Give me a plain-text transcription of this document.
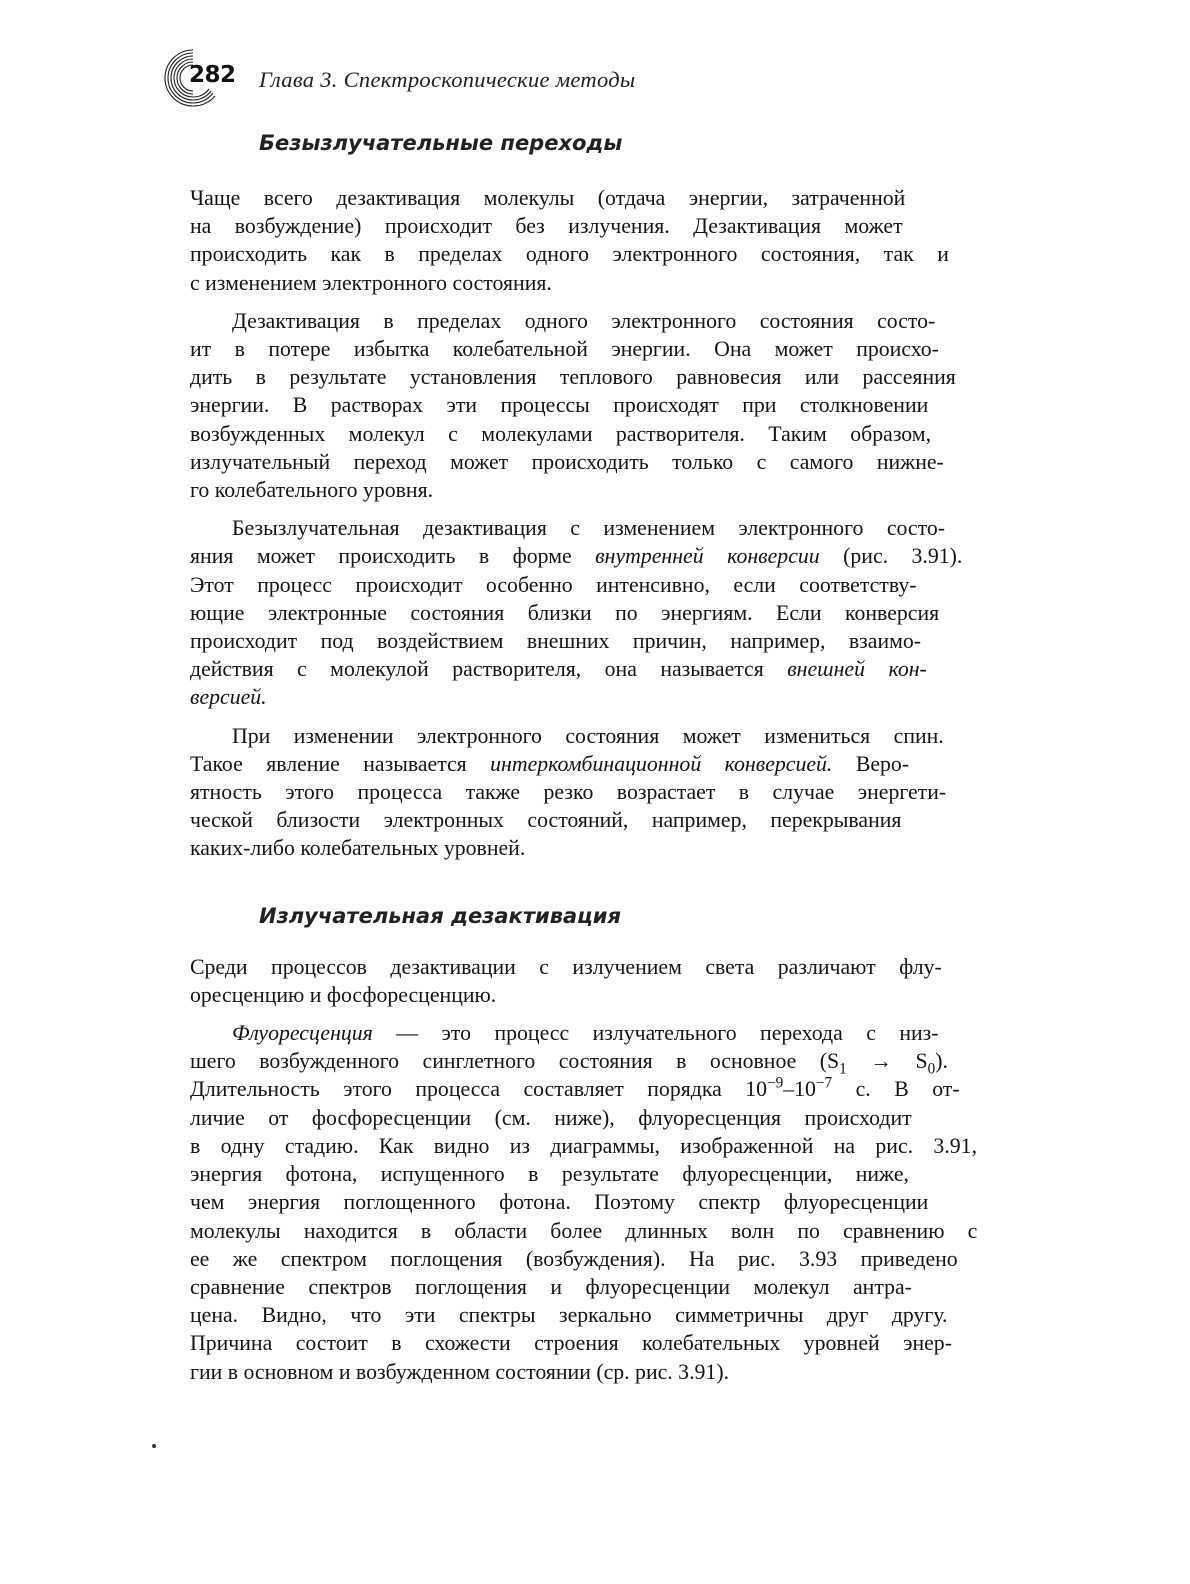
282 Глава 3. Спектроскопические методы
Безызлучательные переходы

Чаще всего дезактивация молекулы (отдача энергии, затраченной
на возбуждение) происходит без излучения. Дезактивация может
происходить как в пределах одного электронного состояния, так и
с изменением электронного состояния.

Дезактивация в пределах одного электронного состояния состо-
ит в потере избытка колебательной энергии. Она может происхо-
дить в результате установления теплового равновесия или рассеяния
энергии. В растворах эти процессы происходят при столкновении
возбужденных молекул с молекулами растворителя. Таким образом,
излучательный переход может происходить только с самого нижне-
го колебательного уровня.

Безызлучательная дезактивация с изменением электронного состо-
яния может происходить в форме внутренней конверсии (рис. 3.91).
Этот процесс происходит особенно интенсивно, если соответству-
ющие электронные состояния близки по энергиям. Если конверсия
происходит под воздействием внешних причин, например, взаимо-
действия с молекулой растворителя, она называется внешней кон-
версией.

При изменении электронного состояния может измениться спин.
Такое явление называется интеркомбинационной конверсией. Веро-
ятность этого процесса также резко возрастает в случае энергети-
ческой близости электронных состояний, например, перекрывания
каких-либо колебательных уровней.

Излучательная дезактивация

Среди процессов дезактивации с излучением света различают флу-
оресценцию и фосфоресценцию.

Флуоресценция — это процесс излучательного перехода с низ-
шего возбужденного синглетного состояния в основное $(S_1 \to S_0)$.
Длительность этого процесса составляет порядка $10^{-9}-10^{-7}$ с. В от-
личие от фосфоресценции (см. ниже), флуоресценция происходит
в одну стадию. Как видно из диаграммы, изображенной на рис. 3.91,
энергия фотона, испущенного в результате флуоресценции, ниже,
чем энергия поглощенного фотона. Поэтому спектр флуоресценции
молекулы находится в области более длинных волн по сравнению с
ее же спектром поглощения (возбуждения). На рис. 3.93 приведено
сравнение спектров поглощения и флуоресценции молекул антра-
цена. Видно, что эти спектры зеркально симметричны друг другу.
Причина состоит в схожести строения колебательных уровней энер-
гии в основном и возбужденном состоянии (ср. рис. 3.91).
